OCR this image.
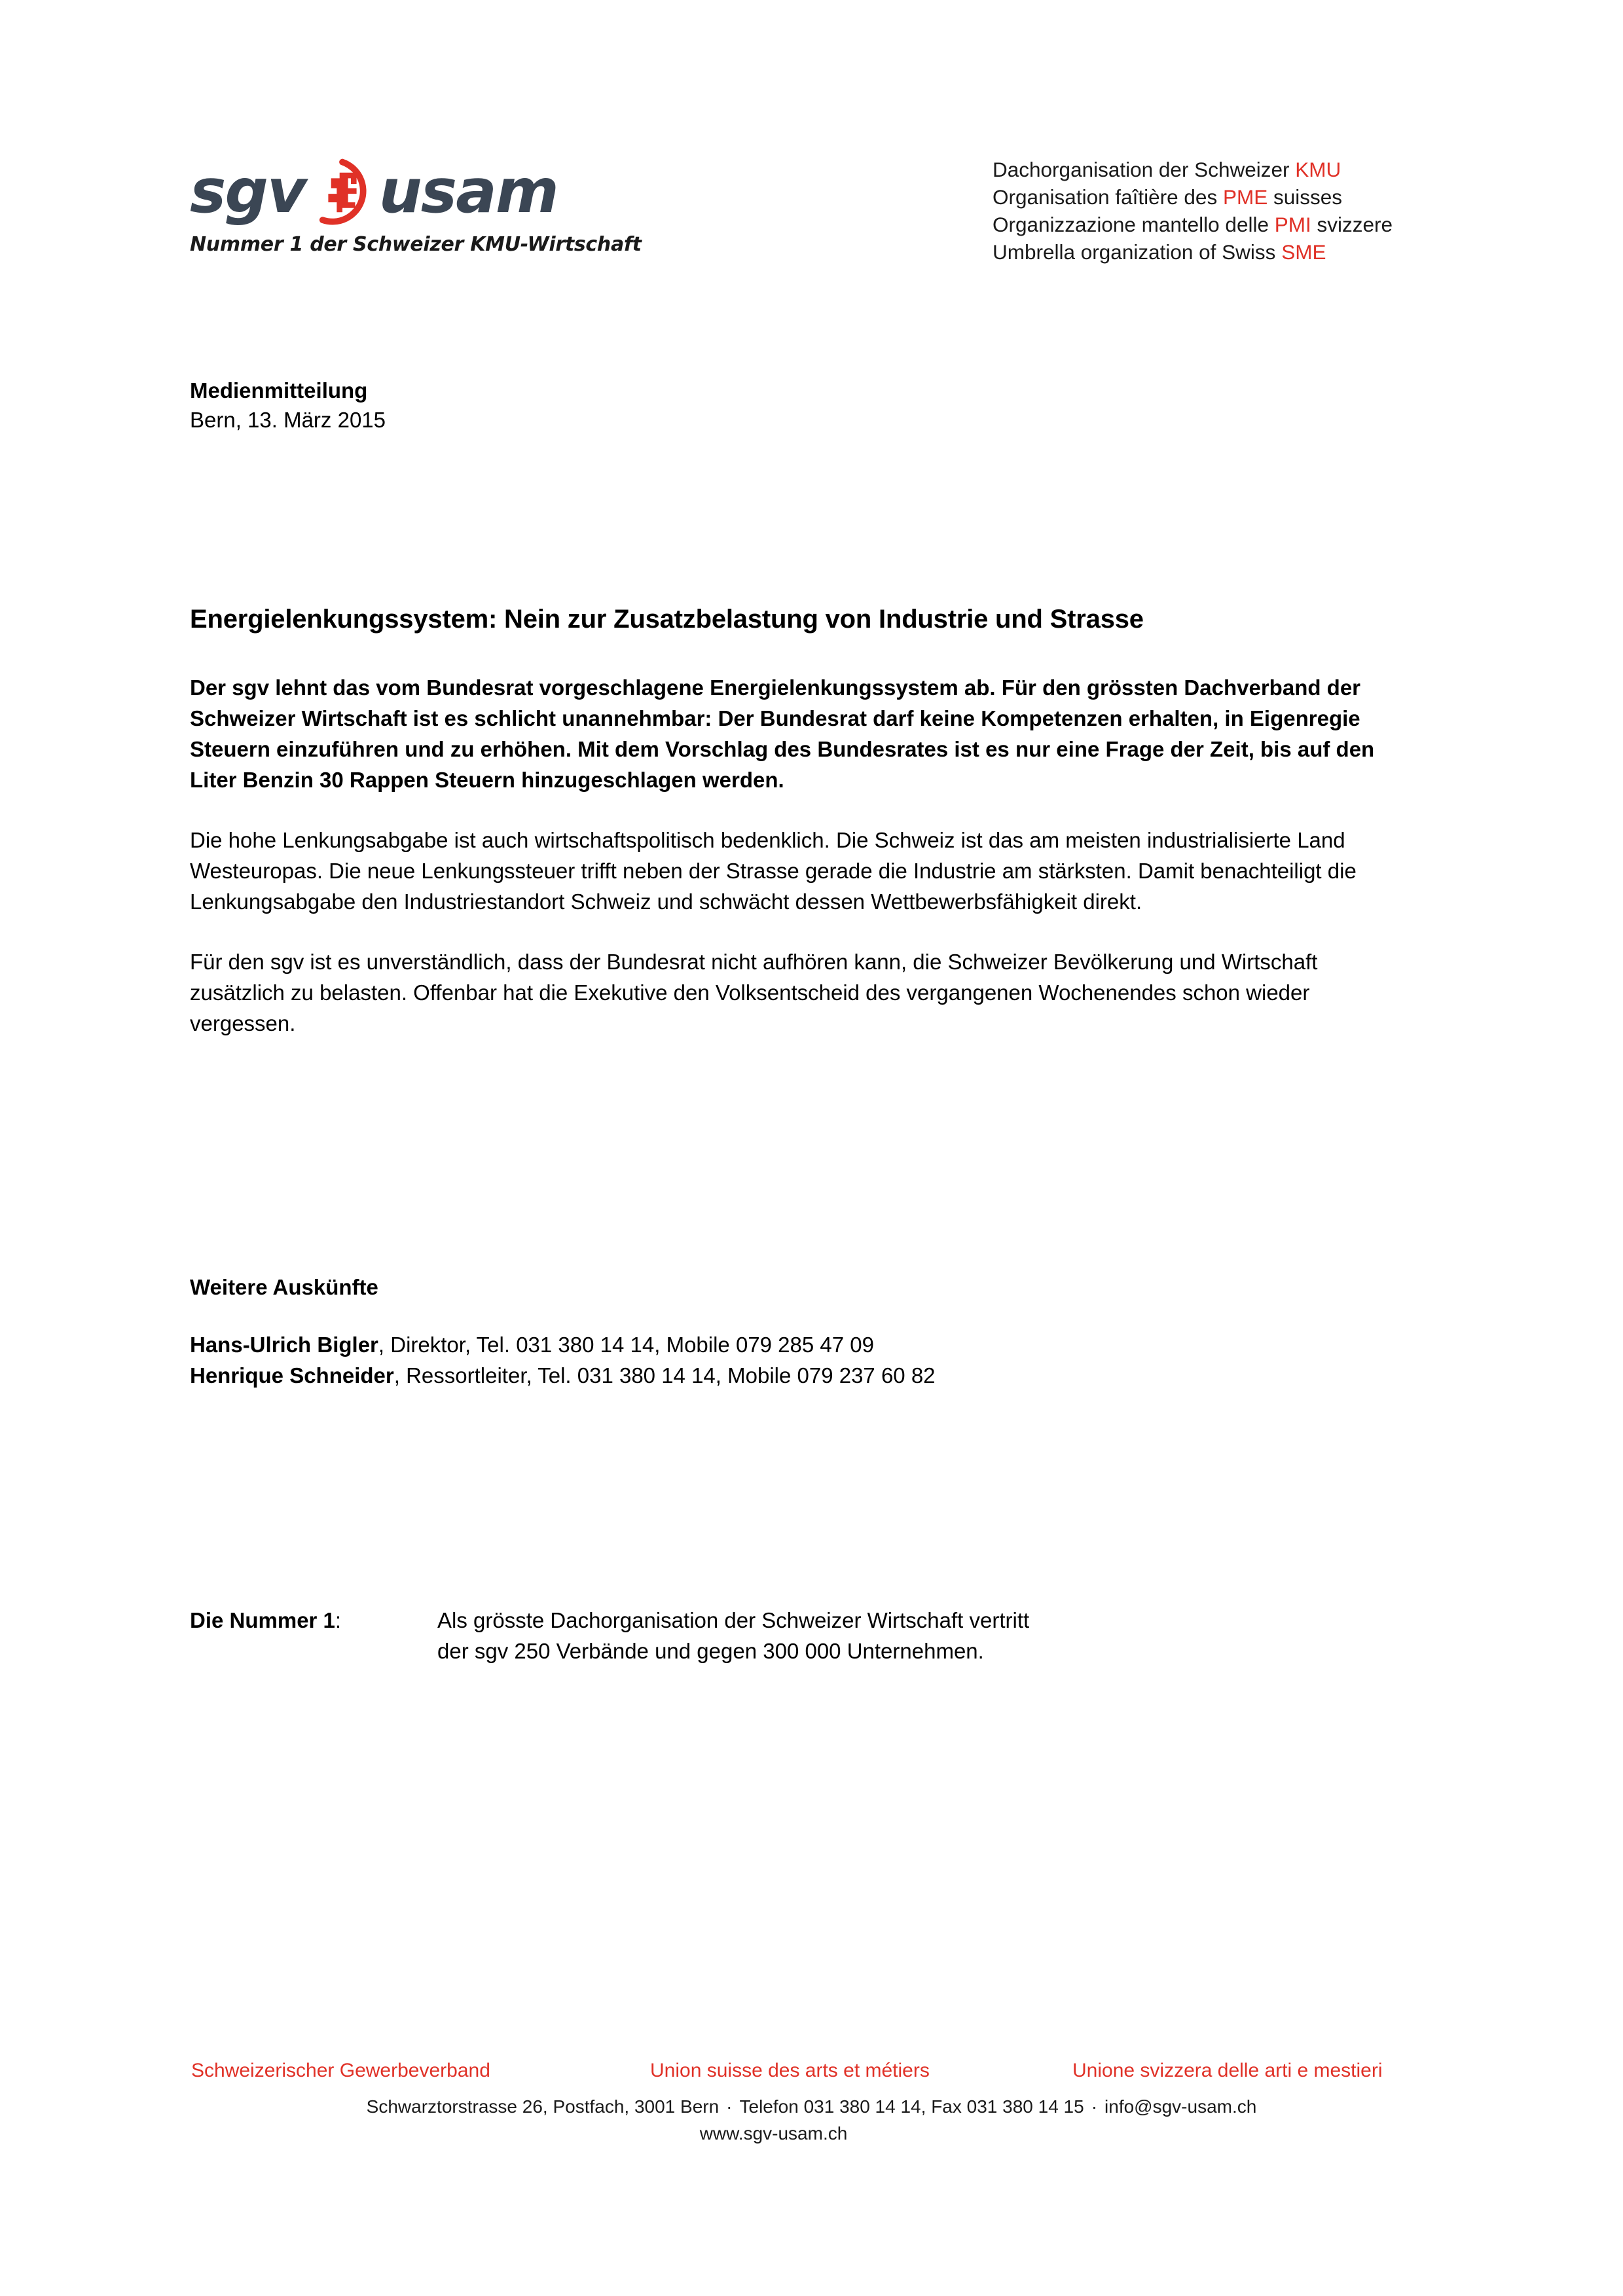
sgv usam
Nummer 1 der Schweizer KMU-Wirtschaft
Dachorganisation der Schweizer KMU
Organisation faîtière des PME suisses
Organizzazione mantello delle PMI svizzere
Umbrella organization of Swiss SME
Medienmitteilung
Bern, 13. März 2015
Energielenkungssystem: Nein zur Zusatzbelastung von Industrie und Strasse

Der sgv lehnt das vom Bundesrat vorgeschlagene Energielenkungssystem ab. Für den grössten Dachverband der Schweizer Wirtschaft ist es schlicht unannehmbar: Der Bundesrat darf keine Kompetenzen erhalten, in Eigenregie Steuern einzuführen und zu erhöhen. Mit dem Vorschlag des Bundesrates ist es nur eine Frage der Zeit, bis auf den Liter Benzin 30 Rappen Steuern hinzugeschlagen werden.

Die hohe Lenkungsabgabe ist auch wirtschaftspolitisch bedenklich. Die Schweiz ist das am meisten industrialisierte Land Westeuropas. Die neue Lenkungssteuer trifft neben der Strasse gerade die Industrie am stärksten. Damit benachteiligt die Lenkungsabgabe den Industriestandort Schweiz und schwächt dessen Wettbewerbsfähigkeit direkt.

Für den sgv ist es unverständlich, dass der Bundesrat nicht aufhören kann, die Schweizer Bevölkerung und Wirtschaft zusätzlich zu belasten. Offenbar hat die Exekutive den Volksentscheid des vergangenen Wochenendes schon wieder vergessen.

Weitere Auskünfte
Hans-Ulrich Bigler, Direktor, Tel. 031 380 14 14, Mobile 079 285 47 09
Henrique Schneider, Ressortleiter, Tel. 031 380 14 14, Mobile 079 237 60 82
Die Nummer 1:	Als grösste Dachorganisation der Schweizer Wirtschaft vertritt
der sgv 250 Verbände und gegen 300 000 Unternehmen.
Schweizerischer Gewerbeverband	Union suisse des arts et métiers	Unione svizzera delle arti e mestieri
Schwarztorstrasse 26, Postfach, 3001 Bern · Telefon 031 380 14 14, Fax 031 380 14 15 · info@sgv-usam.ch
www.sgv-usam.ch
